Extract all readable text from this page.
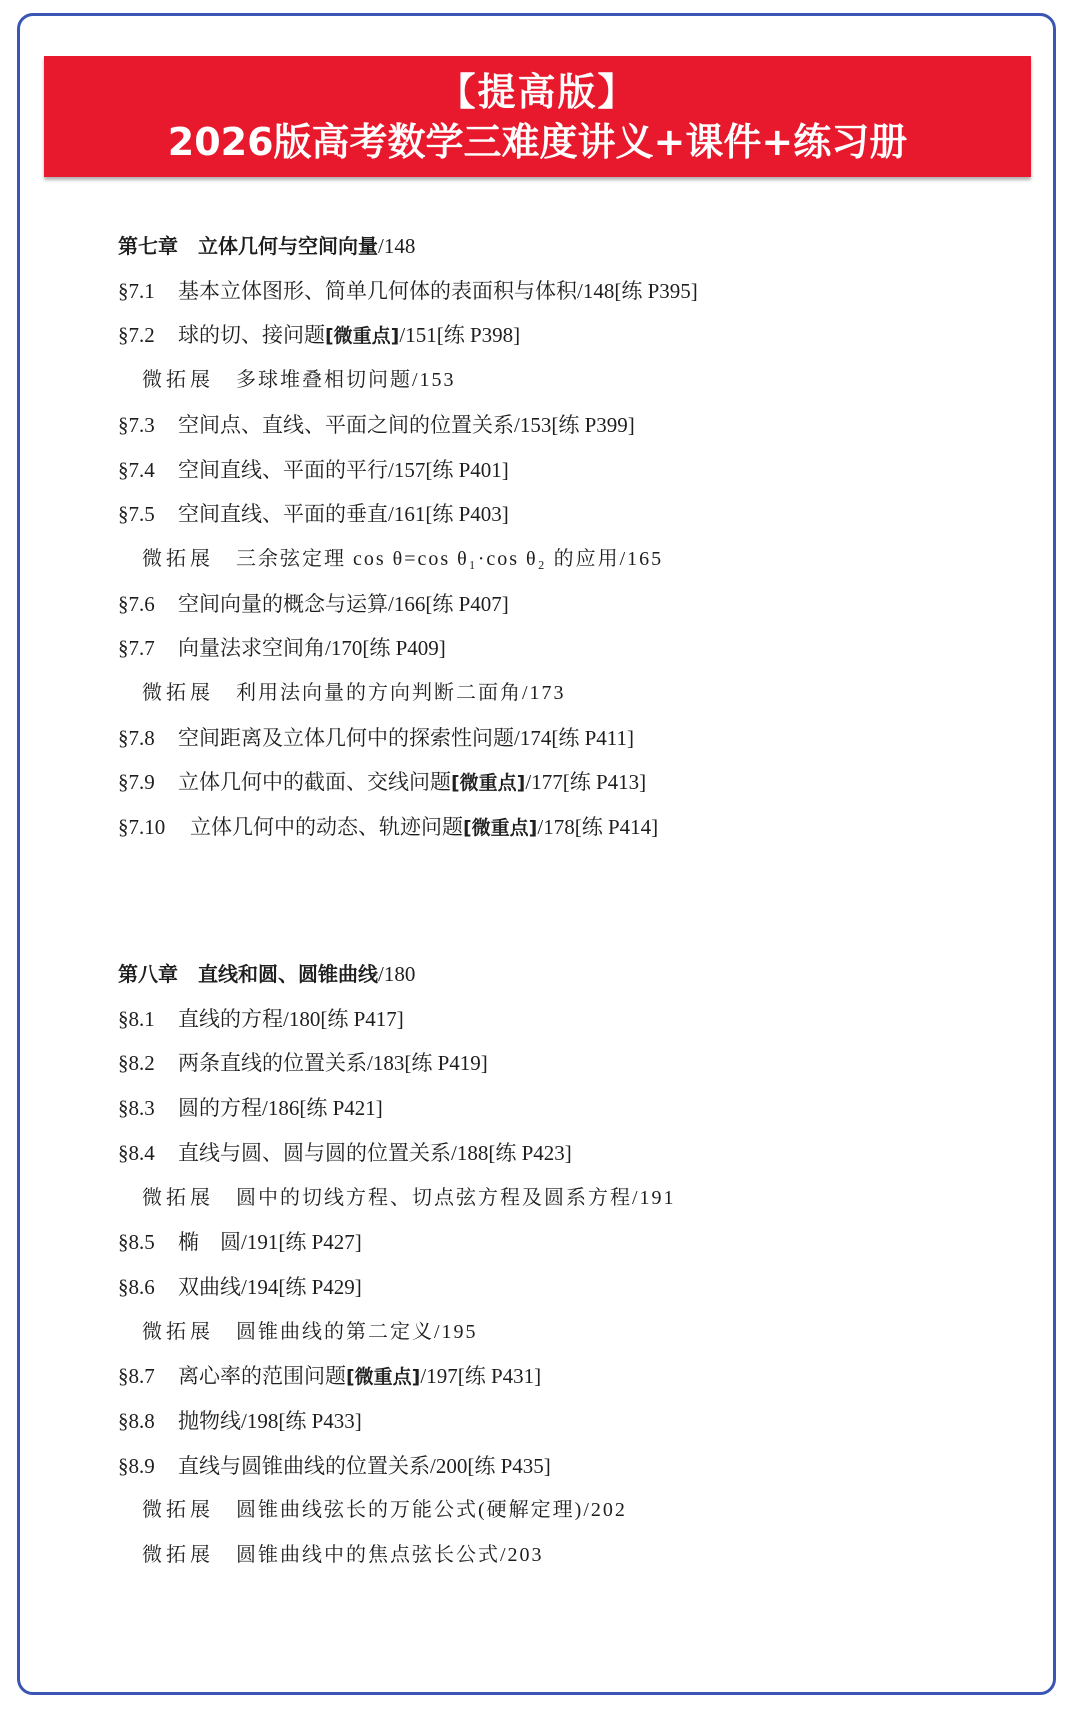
【提高版】
2026版高考数学三难度讲义+课件+练习册
第七章 立体几何与空间向量/148
§7.1 基本立体图形、简单几何体的表面积与体积/148[练 P395]
§7.2 球的切、接问题[微重点]/151[练 P398]
微拓展 多球堆叠相切问题/153
§7.3 空间点、直线、平面之间的位置关系/153[练 P399]
§7.4 空间直线、平面的平行/157[练 P401]
§7.5 空间直线、平面的垂直/161[练 P403]
微拓展 三余弦定理 cos θ=cos θ₁·cos θ₂ 的应用/165
§7.6 空间向量的概念与运算/166[练 P407]
§7.7 向量法求空间角/170[练 P409]
微拓展 利用法向量的方向判断二面角/173
§7.8 空间距离及立体几何中的探索性问题/174[练 P411]
§7.9 立体几何中的截面、交线问题[微重点]/177[练 P413]
§7.10 立体几何中的动态、轨迹问题[微重点]/178[练 P414]
第八章 直线和圆、圆锥曲线/180
§8.1 直线的方程/180[练 P417]
§8.2 两条直线的位置关系/183[练 P419]
§8.3 圆的方程/186[练 P421]
§8.4 直线与圆、圆与圆的位置关系/188[练 P423]
微拓展 圆中的切线方程、切点弦方程及圆系方程/191
§8.5 椭　圆/191[练 P427]
§8.6 双曲线/194[练 P429]
微拓展 圆锥曲线的第二定义/195
§8.7 离心率的范围问题[微重点]/197[练 P431]
§8.8 抛物线/198[练 P433]
§8.9 直线与圆锥曲线的位置关系/200[练 P435]
微拓展 圆锥曲线弦长的万能公式(硬解定理)/202
微拓展 圆锥曲线中的焦点弦长公式/203
